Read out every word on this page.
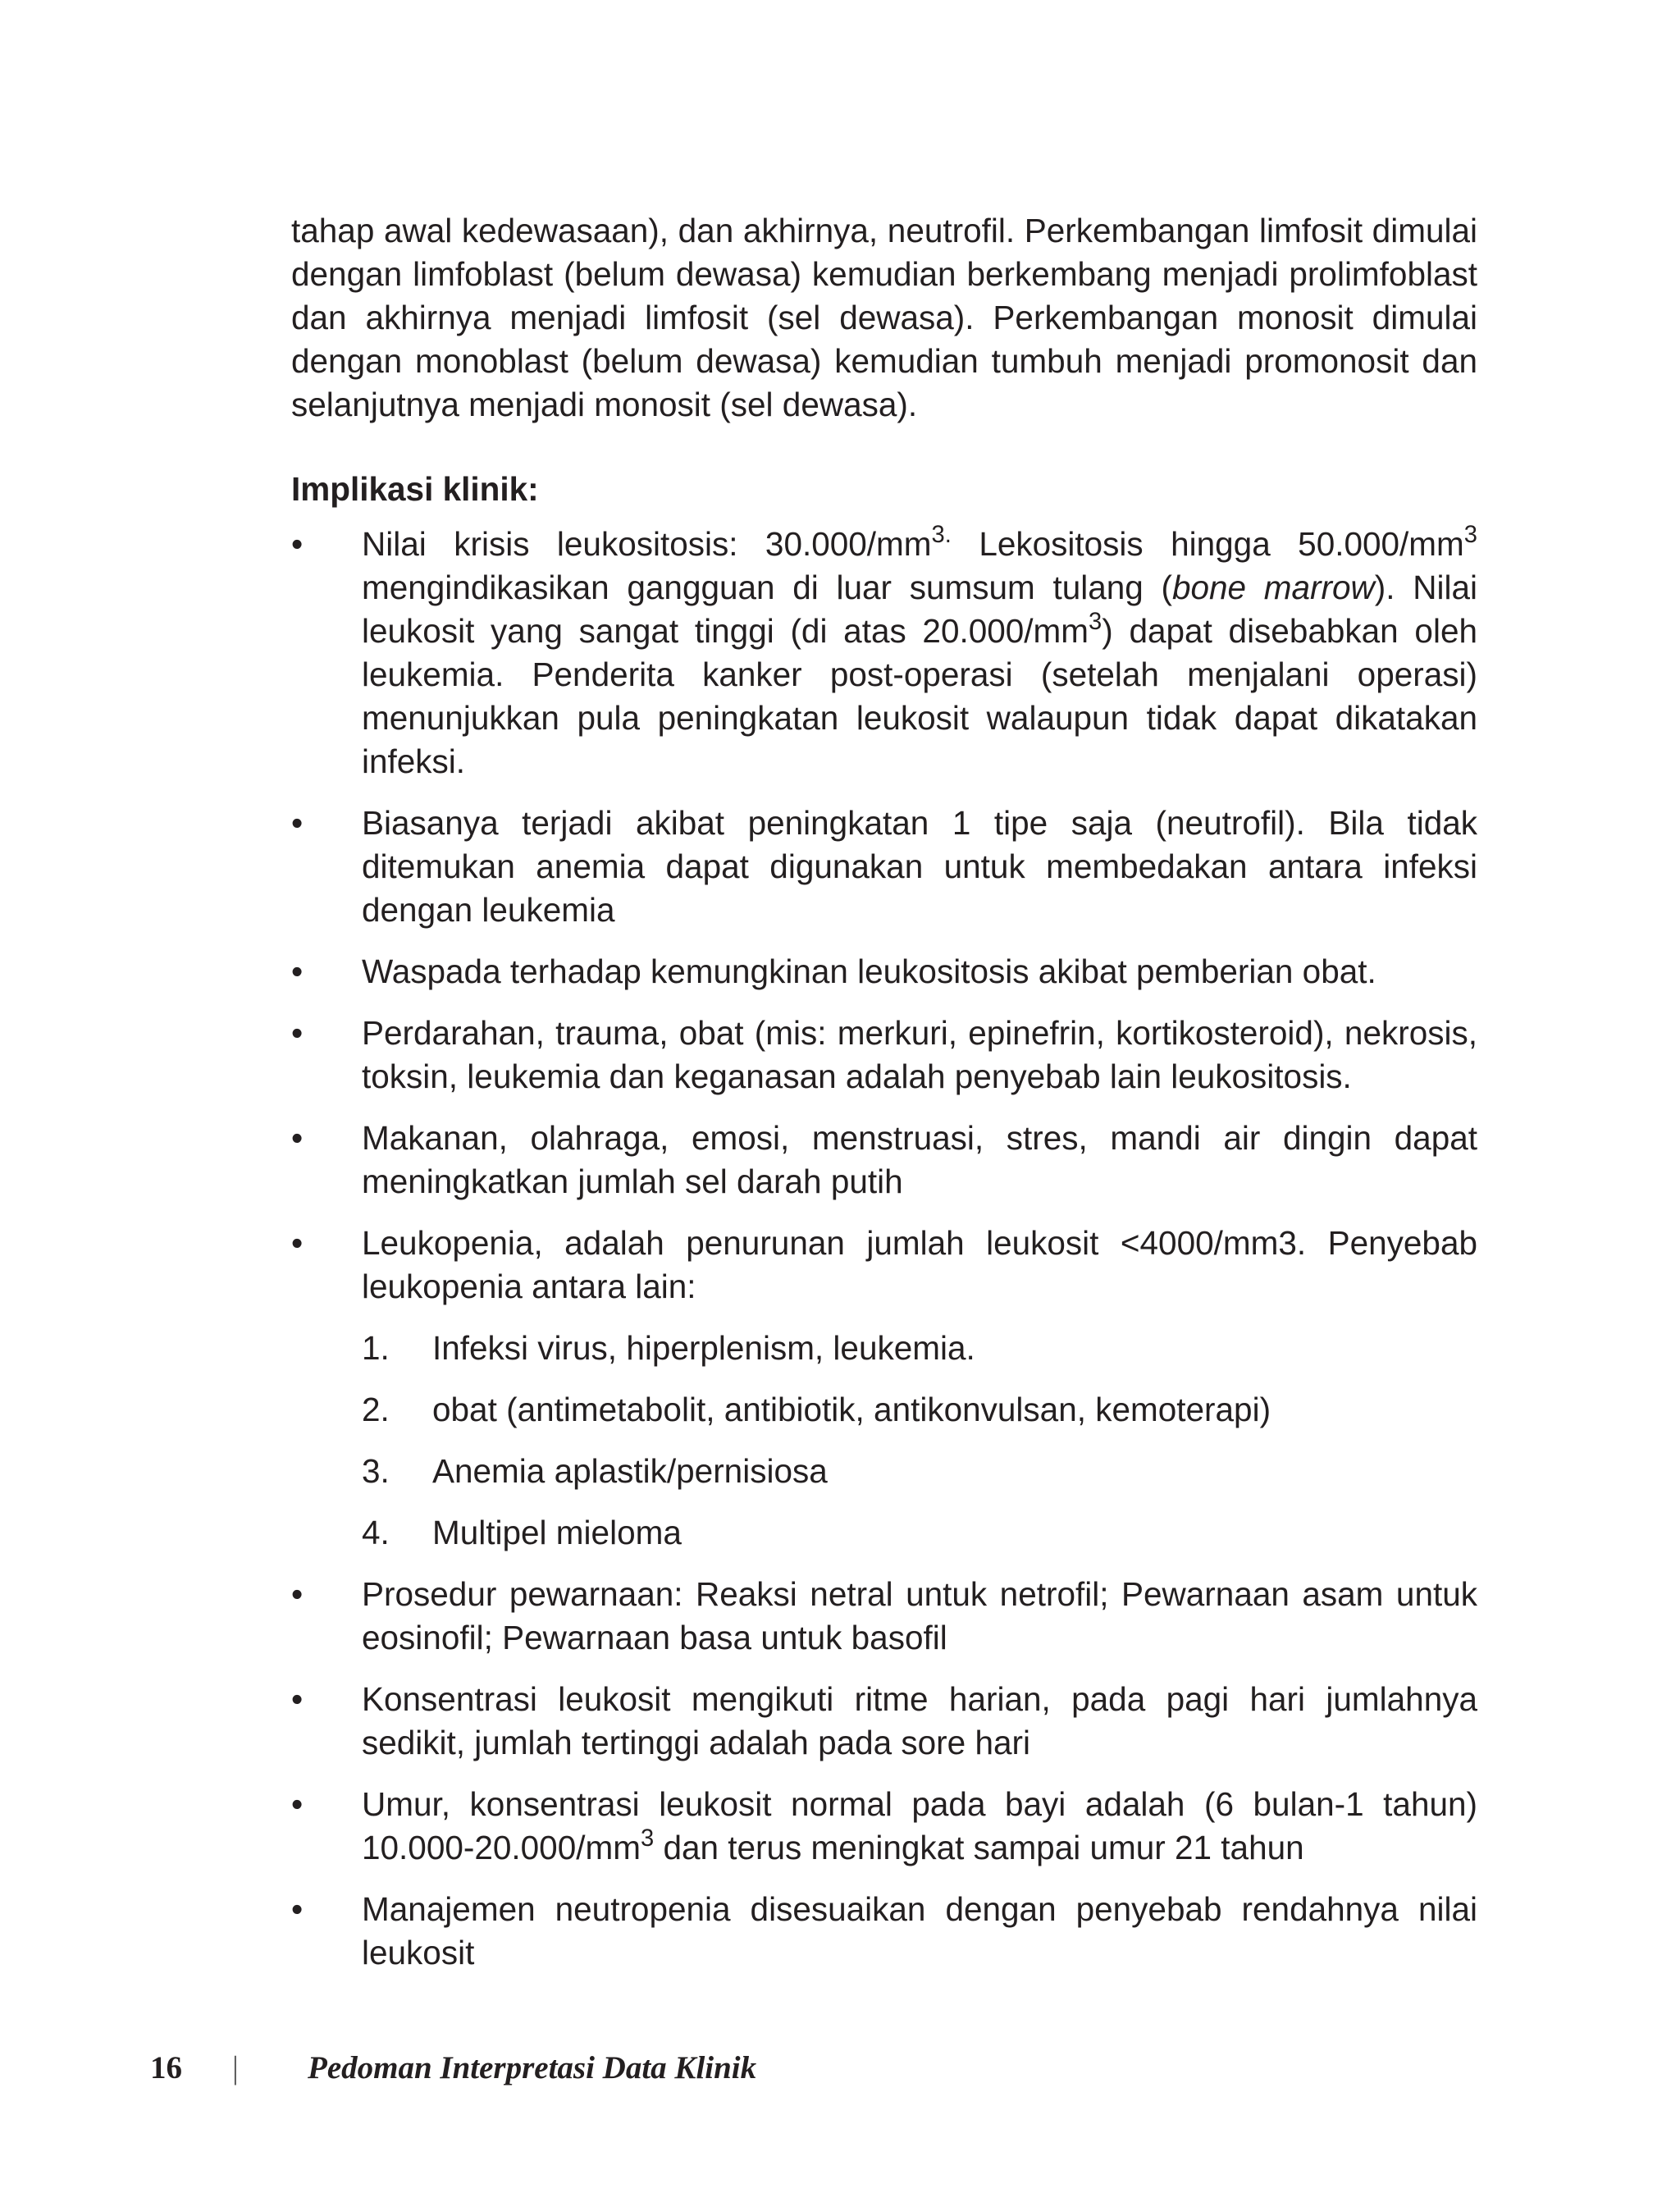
tahap awal kedewasaan), dan akhirnya, neutrofil. Perkembangan limfosit dimulai dengan limfoblast (belum dewasa) kemudian berkembang menjadi prolimfoblast dan akhirnya menjadi limfosit (sel dewasa). Perkembangan monosit dimulai dengan monoblast (belum dewasa) kemudian tumbuh menjadi promonosit dan selanjutnya menjadi monosit (sel dewasa).

Implikasi klinik:
•	Nilai krisis leukositosis: $30.000/mm^{3.}$ Lekositosis hingga $50.000/mm^3$ mengindikasikan gangguan di luar sumsum tulang (bone marrow). Nilai leukosit yang sangat tinggi (di atas $20.000/mm^3$) dapat disebabkan oleh leukemia. Penderita kanker post-operasi (setelah menjalani operasi) menunjukkan pula peningkatan leukosit walaupun tidak dapat dikatakan infeksi.
•	Biasanya terjadi akibat peningkatan 1 tipe saja (neutrofil). Bila tidak ditemukan anemia dapat digunakan untuk membedakan antara infeksi dengan leukemia
•	Waspada terhadap kemungkinan leukositosis akibat pemberian obat.
•	Perdarahan, trauma, obat (mis: merkuri, epinefrin, kortikosteroid), nekrosis, toksin, leukemia dan keganasan adalah penyebab lain leukositosis.
•	Makanan, olahraga, emosi, menstruasi, stres, mandi air dingin dapat meningkatkan jumlah sel darah putih
•	Leukopenia, adalah penurunan jumlah leukosit <4000/mm3. Penyebab leukopenia antara lain:
1. Infeksi virus, hiperplenism, leukemia.
2. obat (antimetabolit, antibiotik, antikonvulsan, kemoterapi)
3. Anemia aplastik/pernisiosa
4. Multipel mieloma
•	Prosedur pewarnaan: Reaksi netral untuk netrofil; Pewarnaan asam untuk eosinofil; Pewarnaan basa untuk basofil
•	Konsentrasi leukosit mengikuti ritme harian, pada pagi hari jumlahnya sedikit, jumlah tertinggi adalah pada sore hari
•	Umur, konsentrasi leukosit normal pada bayi adalah (6 bulan-1 tahun) $10.000-20.000/mm^3$ dan terus meningkat sampai umur 21 tahun
•	Manajemen neutropenia disesuaikan dengan penyebab rendahnya nilai leukosit
16	|	Pedoman Interpretasi Data Klinik
